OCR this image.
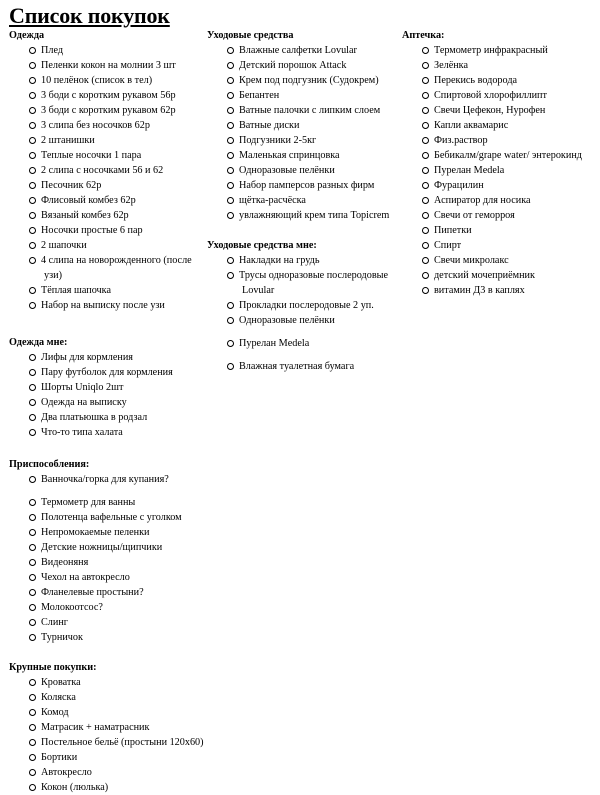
Список покупок
Одежда
Плед
Пеленки кокон на молнии 3 шт
10 пелёнок (список в тел)
3 боди с коротким рукавом 56р
3 боди с коротким рукавом 62р
3 слипа без носочков 62р
2 штанишки
Теплые носочки 1 пара
2 слипа с носочками 56 и 62
Песочник 62р
Флисовый комбез 62р
Вязаный комбез 62р
Носочки простые 6 пар
2 шапочки
4 слипа на новорожденного (после узи)
Тёплая шапочка
Набор на выписку после узи
Одежда мне:
Лифы для кормления
Пару футболок для кормления
Шорты Uniqlo 2шт
Одежда на выписку
Два платьюшка в родзал
Что-то типа халата
Приспособления:
Ванночка/горка для купания?
Термометр для ванны
Полотенца вафельные с уголком
Непромокаемые пеленки
Детские ножницы/щипчики
Видеоняня
Чехол на автокресло
Фланелевые простыни?
Молокоотсос?
Слинг
Турничок
Крупные покупки:
Кроватка
Коляска
Комод
Матрасик + наматрасник
Постельное бельё (простыни 120х60)
Бортики
Автокресло
Кокон (люлька)
Уходовые средства
Влажные салфетки Lovular
Детский порошок Attack
Крем под подгузник (Судокрем)
Бепантен
Ватные палочки с липким слоем
Ватные диски
Подгузники 2-5кг
Маленькая спринцовка
Одноразовые пелёнки
Набор памперсов разных фирм
щётка-расчёска
увлажняющий крем типа Topicrem
Уходовые средства мне:
Накладки на грудь
Трусы одноразовые послеродовые Lovular
Прокладки послеродовые 2 уп.
Одноразовые пелёнки
Пурелан Medela
Влажная туалетная бумага
Аптечка:
Термометр инфракрасный
Зелёнка
Перекись водорода
Спиртовой хлорофиллипт
Свечи Цефекон, Нурофен
Капли аквамарис
Физ.раствор
Бебикалм/grape water/ энтерокинд
Пурелан Medela
Фурацилин
Аспиратор для носика
Свечи от геморроя
Пипетки
Спирт
Свечи микролакс
детский мочеприёмник
витамин Д3 в каплях
